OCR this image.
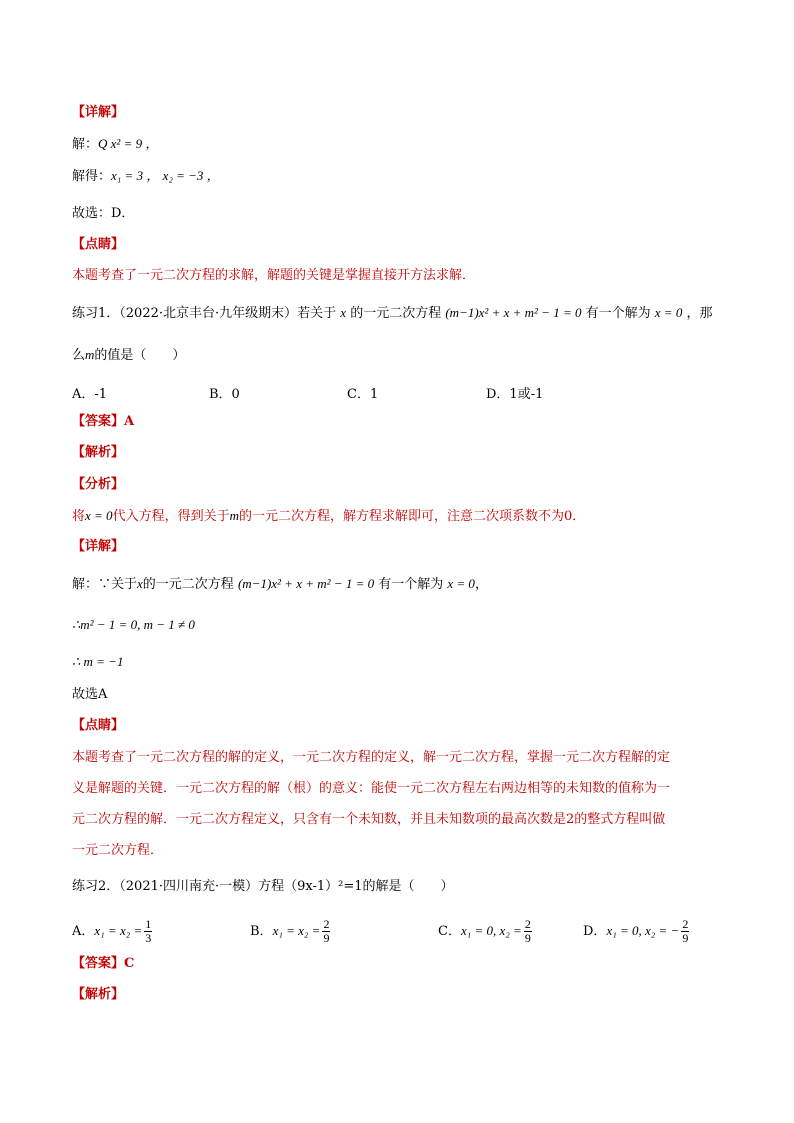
【详解】
解：Q x² = 9 ，
解得：x₁ = 3 ， x₂ = −3 ，
故选：D．
【点睛】
本题考查了一元二次方程的求解，解题的关键是掌握直接开方法求解．
练习1．（2022·北京丰台·九年级期末）若关于 x 的一元二次方程 (m−1)x² + x + m² − 1 = 0 有一个解为 x = 0 ，那
么m的值是（　　）
A．-1	B．0	C．1	D．1或-1
【答案】A
【解析】
【分析】
将x = 0代入方程，得到关于m的一元二次方程，解方程求解即可，注意二次项系数不为0．
【详解】
解：∵关于x的一元二次方程 (m−1)x² + x + m² − 1 = 0 有一个解为 x = 0，
∴m² − 1 = 0, m − 1 ≠ 0
∴ m = −1
故选A
【点睛】
本题考查了一元二次方程的解的定义，一元二次方程的定义，解一元二次方程，掌握一元二次方程解的定
义是解题的关键．一元二次方程的解（根）的意义：能使一元二次方程左右两边相等的未知数的值称为一
元二次方程的解．一元二次方程定义，只含有一个未知数，并且未知数项的最高次数是2的整式方程叫做
一元二次方程．
练习2．（2021·四川南充·一模）方程（9x-1）²=1的解是（　　）
A．$x_1 = x_2 = \frac{1}{3}$	B．$x_1 = x_2 = \frac{2}{9}$	C．x₁ = 0, $x_2 = \frac{2}{9}$	D．x₁ = 0, x₂ = − $\frac{2}{9}$
【答案】C
【解析】
